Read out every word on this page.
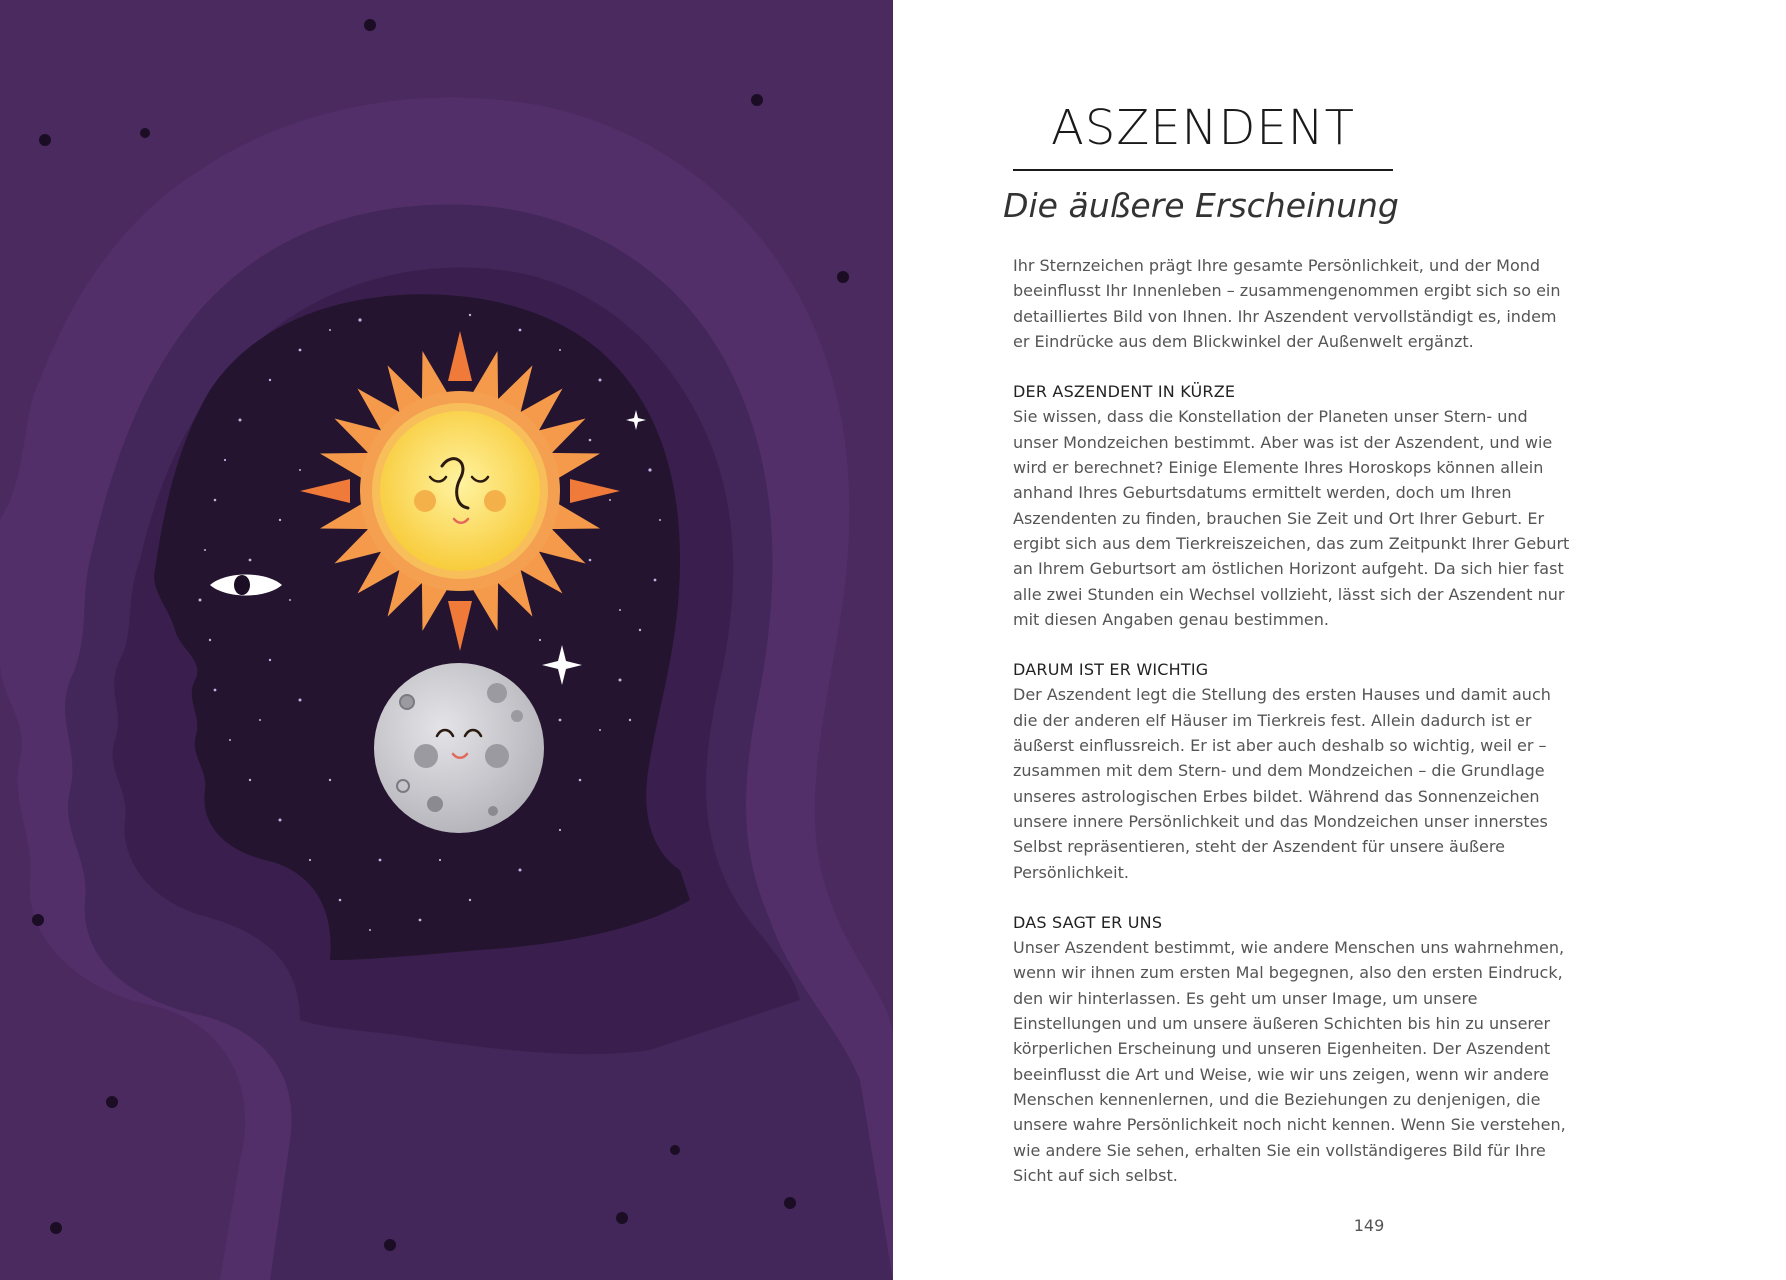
ASZENDENT
Die äußere Erscheinung

Ihr Sternzeichen prägt Ihre gesamte Persönlichkeit, und der Mond beeinflusst Ihr Innenleben – zusammengenommen ergibt sich so ein detailliertes Bild von Ihnen. Ihr Aszendent vervollständigt es, indem er Eindrücke aus dem Blickwinkel der Außenwelt ergänzt.

DER ASZENDENT IN KÜRZE

Sie wissen, dass die Konstellation der Planeten unser Stern- und unser Mondzeichen bestimmt. Aber was ist der Aszendent, und wie wird er berechnet? Einige Elemente Ihres Horoskops können allein anhand Ihres Geburtsdatums ermittelt werden, doch um Ihren Aszendenten zu finden, brauchen Sie Zeit und Ort Ihrer Geburt. Er ergibt sich aus dem Tierkreiszeichen, das zum Zeitpunkt Ihrer Geburt an Ihrem Geburtsort am östlichen Horizont aufgeht. Da sich hier fast alle zwei Stunden ein Wechsel vollzieht, lässt sich der Aszendent nur mit diesen Angaben genau bestimmen.

DARUM IST ER WICHTIG

Der Aszendent legt die Stellung des ersten Hauses und damit auch die der anderen elf Häuser im Tierkreis fest. Allein dadurch ist er äußerst einflussreich. Er ist aber auch deshalb so wichtig, weil er – zusammen mit dem Stern- und dem Mondzeichen – die Grundlage unseres astrologischen Erbes bildet. Während das Sonnenzeichen unsere innere Persönlichkeit und das Mondzeichen unser innerstes Selbst repräsentieren, steht der Aszendent für unsere äußere Persönlichkeit.

DAS SAGT ER UNS

Unser Aszendent bestimmt, wie andere Menschen uns wahrnehmen, wenn wir ihnen zum ersten Mal begegnen, also den ersten Eindruck, den wir hinterlassen. Es geht um unser Image, um unsere Einstellungen und um unsere äußeren Schichten bis hin zu unserer körperlichen Erscheinung und unseren Eigenheiten. Der Aszendent beeinflusst die Art und Weise, wie wir uns zeigen, wenn wir andere Menschen kennenlernen, und die Beziehungen zu denjenigen, die unsere wahre Persönlichkeit noch nicht kennen. Wenn Sie verstehen, wie andere Sie sehen, erhalten Sie ein vollständigeres Bild für Ihre Sicht auf sich selbst.

149
